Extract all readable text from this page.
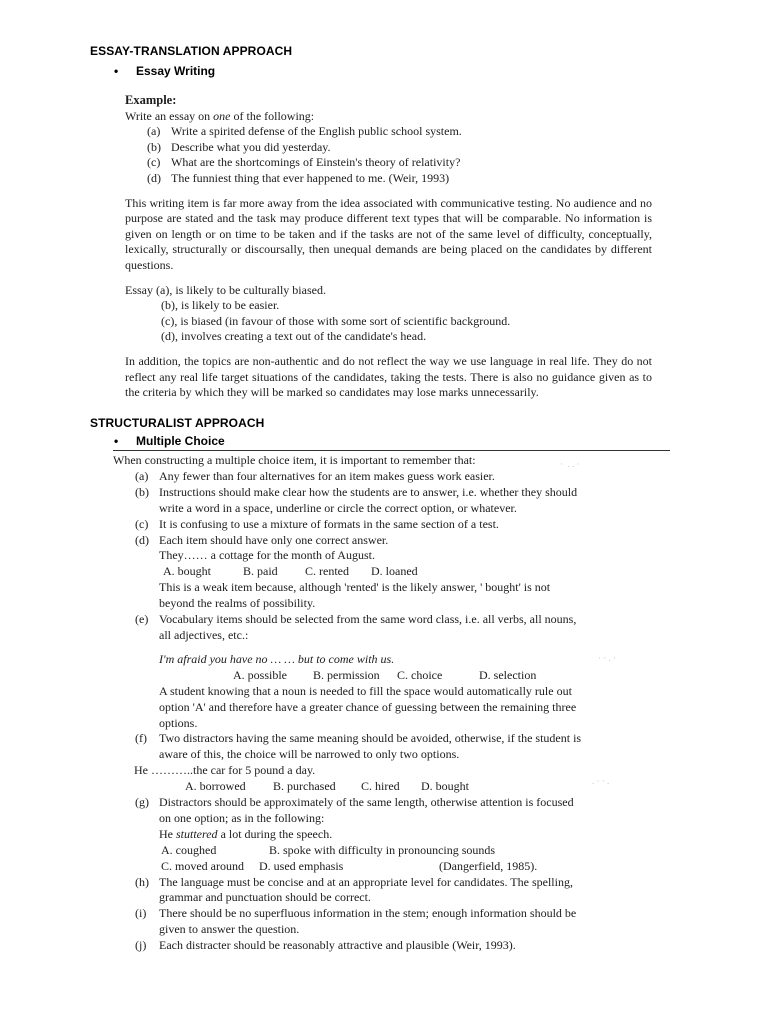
ESSAY-TRANSLATION APPROACH
• Essay Writing

Example:

Write an essay on one of the following:

(a) Write a spirited defense of the English public school system.
(b) Describe what you did yesterday.
(c) What are the shortcomings of Einstein's theory of relativity?
(d) The funniest thing that ever happened to me. (Weir, 1993)

This writing item is far more away from the idea associated with communicative testing. No audience and no purpose are stated and the task may produce different text types that will be comparable. No information is given on length or on time to be taken and if the tasks are not of the same level of difficulty, conceptually, lexically, structurally or discoursally, then unequal demands are being placed on the candidates by different questions.

Essay (a), is likely to be culturally biased.

(b), is likely to be easier.

(c), is biased (in favour of those with some sort of scientific background.

(d), involves creating a text out of the candidate's head.

In addition, the topics are non-authentic and do not reflect the way we use language in real life. They do not reflect any real life target situations of the candidates, taking the tests. There is also no guidance given as to the criteria by which they will be marked so candidates may lose marks unnecessarily.

STRUCTURALIST APPROACH
• Multiple Choice
·  . . ·
· · . ·
. · · .

When constructing a multiple choice item, it is important to remember that:

(a) Any fewer than four alternatives for an item makes guess work easier.
(b) Instructions should make clear how the students are to answer, i.e. whether they should

write a word in a space, underline or circle the correct option, or whatever.

(c) It is confusing to use a mixture of formats in the same section of a test.
(d) Each item should have only one correct answer.

They…… a cottage for the month of August.

A. bought	B. paid C. rented D. loaned

This is a weak item because, although 'rented' is the likely answer, ' bought' is not

beyond the realms of possibility.

(e) Vocabulary items should be selected from the same word class, i.e. all verbs, all nouns,

all adjectives, etc.:

I'm afraid you have no … … but to come with us.

A. possible B. permission C. choice	D. selection

A student knowing that a noun is needed to fill the space would automatically rule out

option 'A' and therefore have a greater chance of guessing between the remaining three

options.

(f)	Two distractors having the same meaning should be avoided, otherwise, if the student is

aware of this, the choice will be narrowed to only two options.

He ………..the car for 5 pound a day.

A. borrowed B. purchased C. hired D. bought
(g) Distractors should be approximately of the same length, otherwise attention is focused

on one option; as in the following:

He stuttered a lot during the speech.

A. coughed	B. spoke with difficulty in pronouncing sounds
C. moved around D. used emphasis	(Dangerfield, 1985).
(h) The language must be concise and at an appropriate level for candidates. The spelling,

grammar and punctuation should be correct.

(i)	There should be no superfluous information in the stem; enough information should be

given to answer the question.

(j)	Each distracter should be reasonably attractive and plausible (Weir, 1993).
